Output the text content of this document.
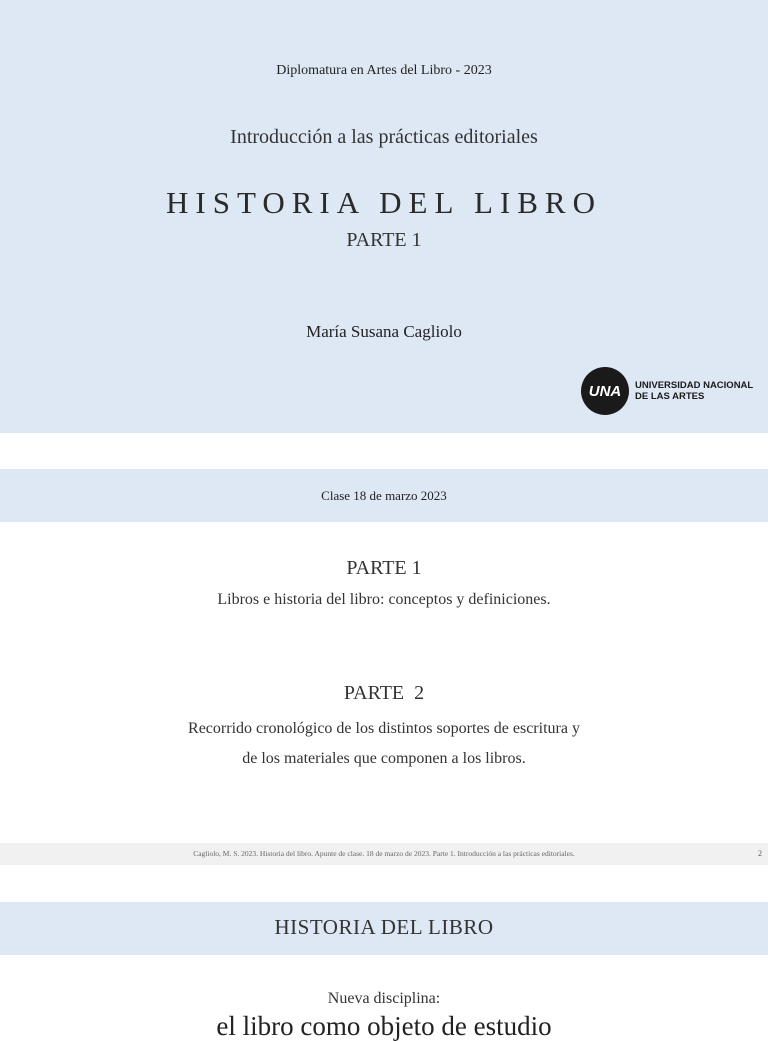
Diplomatura en Artes del Libro - 2023
Introducción a las prácticas editoriales
HISTORIA DEL LIBRO
PARTE 1
María Susana Cagliolo
UNA	UNIVERSIDAD NACIONAL
DE LAS ARTES
Clase 18 de marzo 2023
PARTE 1
Libros e historia del libro: conceptos y definiciones.
PARTE  2
Recorrido cronológico de los distintos soportes de escritura y
de los materiales que componen a los libros.
Cagliolo, M. S. 2023. Historia del libro. Apunte de clase. 18 de marzo de 2023. Parte 1. Introducción a las prácticas editoriales.	2
HISTORIA DEL LIBRO
Nueva disciplina:
el libro como objeto de estudio
